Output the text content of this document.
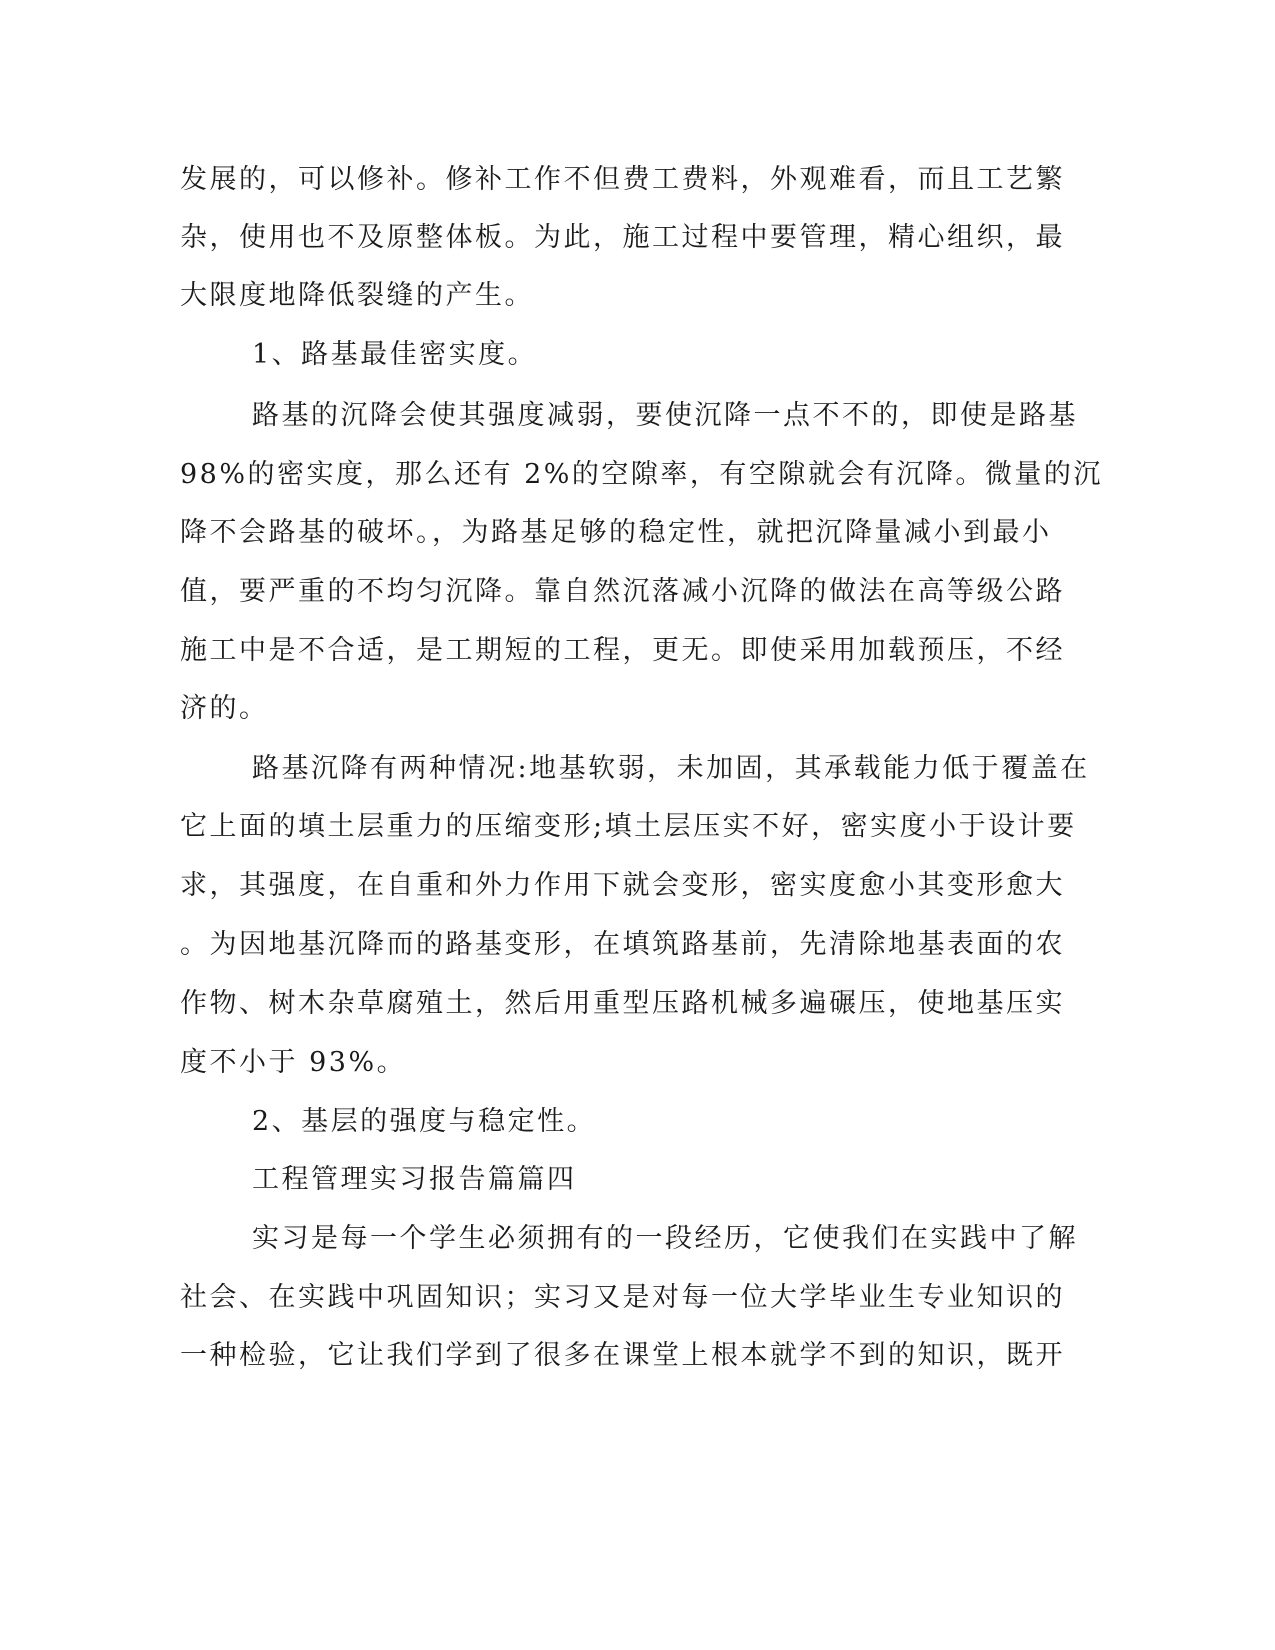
发展的，可以修补。修补工作不但费工费料，外观难看，而且工艺繁
杂，使用也不及原整体板。为此，施工过程中要管理，精心组织，最
大限度地降低裂缝的产生。
1、路基最佳密实度。
路基的沉降会使其强度减弱，要使沉降一点不不的，即使是路基
98%的密实度，那么还有 2%的空隙率，有空隙就会有沉降。微量的沉
降不会路基的破坏。，为路基足够的稳定性，就把沉降量减小到最小
值，要严重的不均匀沉降。靠自然沉落减小沉降的做法在高等级公路
施工中是不合适，是工期短的工程，更无。即使采用加载预压，不经
济的。
路基沉降有两种情况:地基软弱，未加固，其承载能力低于覆盖在
它上面的填土层重力的压缩变形;填土层压实不好，密实度小于设计要
求，其强度，在自重和外力作用下就会变形，密实度愈小其变形愈大
。为因地基沉降而的路基变形，在填筑路基前，先清除地基表面的农
作物、树木杂草腐殖土，然后用重型压路机械多遍碾压，使地基压实
度不小于 93%。
2、基层的强度与稳定性。
工程管理实习报告篇篇四
实习是每一个学生必须拥有的一段经历，它使我们在实践中了解
社会、在实践中巩固知识；实习又是对每一位大学毕业生专业知识的
一种检验，它让我们学到了很多在课堂上根本就学不到的知识，既开
